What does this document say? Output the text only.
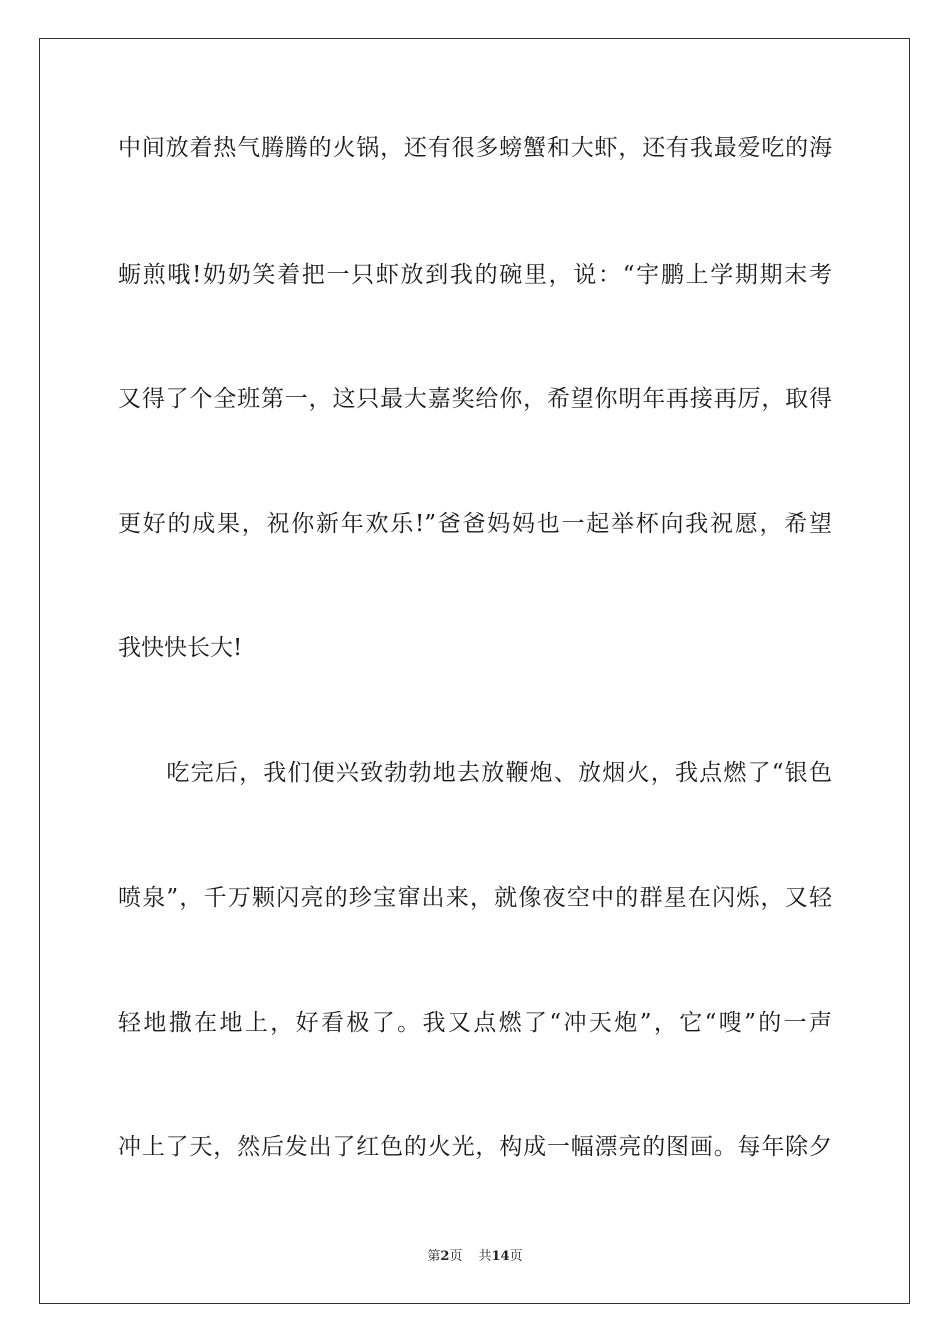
中间放着热气腾腾的火锅，还有很多螃蟹和大虾，还有我最爱吃的海
蛎煎哦!奶奶笑着把一只虾放到我的碗里，说：“宇鹏上学期期末考
又得了个全班第一，这只最大嘉奖给你，希望你明年再接再厉，取得
更好的成果，祝你新年欢乐!”爸爸妈妈也一起举杯向我祝愿，希望
我快快长大!
　　吃完后，我们便兴致勃勃地去放鞭炮、放烟火，我点燃了“银色
喷泉”，千万颗闪亮的珍宝窜出来，就像夜空中的群星在闪烁，又轻
轻地撒在地上，好看极了。我又点燃了“冲天炮”，它“嗖”的一声
冲上了天，然后发出了红色的火光，构成一幅漂亮的图画。每年除夕
第2页 共14页
